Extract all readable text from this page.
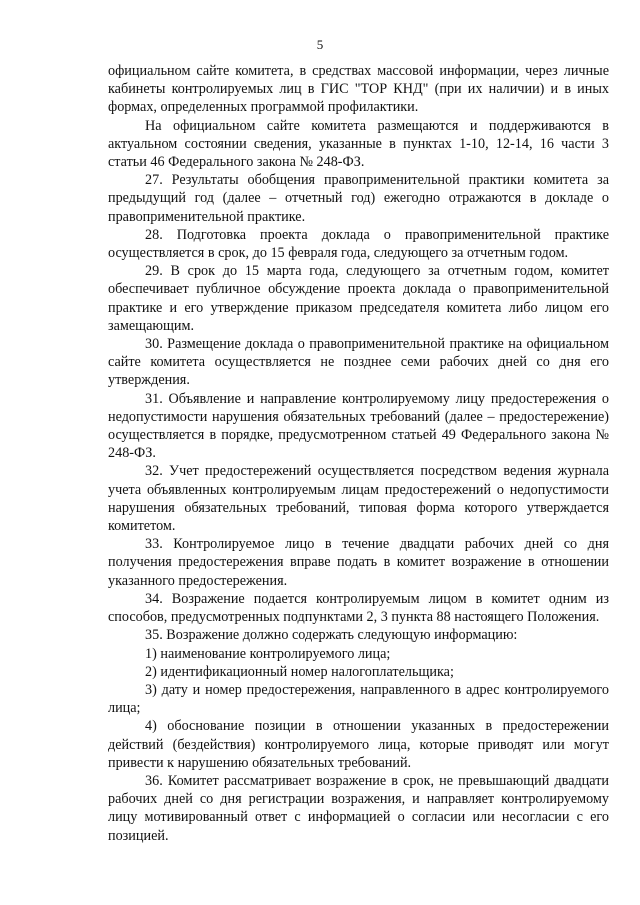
5

официальном сайте комитета, в средствах массовой информации, через личные кабинеты контролируемых лиц в ГИС "ТОР КНД" (при их наличии) и в иных формах, определенных программой профилактики.

На официальном сайте комитета размещаются и поддерживаются в актуальном состоянии сведения, указанные в пунктах 1-10, 12-14, 16 части 3 статьи 46 Федерального закона № 248-ФЗ.

27. Результаты обобщения правоприменительной практики комитета за предыдущий год (далее – отчетный год) ежегодно отражаются в докладе о правоприменительной практике.

28. Подготовка проекта доклада о правоприменительной практике осуществляется в срок, до 15 февраля года, следующего за отчетным годом.

29. В срок до 15 марта года, следующего за отчетным годом, комитет обеспечивает публичное обсуждение проекта доклада о правоприменительной практике и его утверждение приказом председателя комитета либо лицом его замещающим.

30. Размещение доклада о правоприменительной практике на официальном сайте комитета осуществляется не позднее семи рабочих дней со дня его утверждения.

31. Объявление и направление контролируемому лицу предостережения о недопустимости нарушения обязательных требований (далее – предостережение) осуществляется в порядке, предусмотренном статьей 49 Федерального закона № 248-ФЗ.

32. Учет предостережений осуществляется посредством ведения журнала учета объявленных контролируемым лицам предостережений о недопустимости нарушения обязательных требований, типовая форма которого утверждается комитетом.

33. Контролируемое лицо в течение двадцати рабочих дней со дня получения предостережения вправе подать в комитет возражение в отношении указанного предостережения.

34. Возражение подается контролируемым лицом в комитет одним из способов, предусмотренных подпунктами 2, 3 пункта 88 настоящего Положения.

35. Возражение должно содержать следующую информацию:

1) наименование контролируемого лица;

2) идентификационный номер налогоплательщика;

3) дату и номер предостережения, направленного в адрес контролируемого лица;

4) обоснование позиции в отношении указанных в предостережении действий (бездействия) контролируемого лица, которые приводят или могут привести к нарушению обязательных требований.

36. Комитет рассматривает возражение в срок, не превышающий двадцати рабочих дней со дня регистрации возражения, и направляет контролируемому лицу мотивированный ответ с информацией о согласии или несогласии с его позицией.
